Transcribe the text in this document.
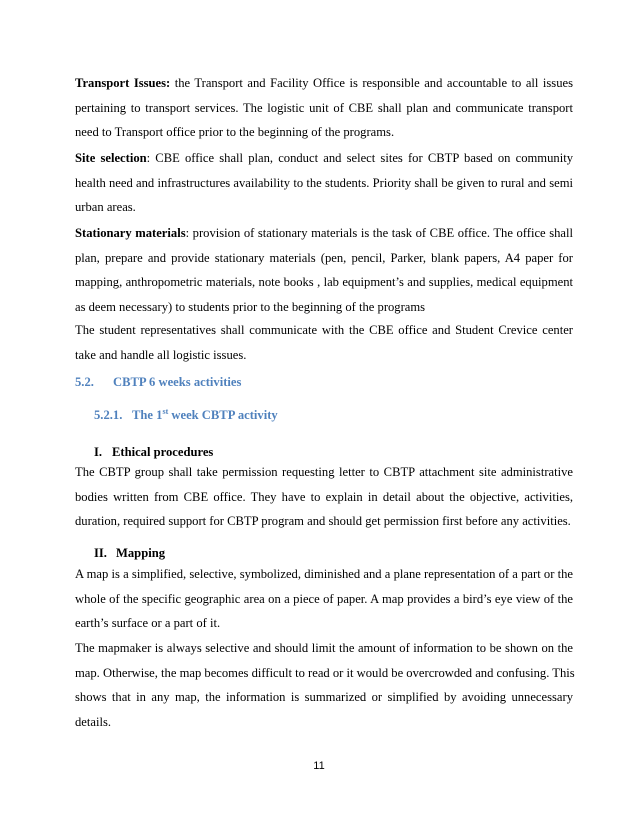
Transport Issues: the Transport and Facility Office is responsible and accountable to all issues
pertaining to transport services. The logistic unit of CBE shall plan and communicate transport
need to Transport office prior to the beginning of the programs.
Site selection: CBE office shall plan, conduct and select sites for CBTP based on community
health need and infrastructures availability to the students. Priority shall be given to rural and semi
urban areas.
Stationary materials: provision of stationary materials is the task of CBE office. The office shall
plan, prepare and provide stationary materials (pen, pencil, Parker, blank papers, A4 paper for
mapping, anthropometric materials, note books , lab equipment’s and supplies, medical equipment
as deem necessary) to students prior to the beginning of the programs
The student representatives shall communicate with the CBE office and Student Crevice center
take and handle all logistic issues.
5.2. CBTP 6 weeks activities
5.2.1. The 1st week CBTP activity
I. Ethical procedures
The CBTP group shall take permission requesting letter to CBTP attachment site administrative
bodies written from CBE office. They have to explain in detail about the objective, activities,
duration, required support for CBTP program and should get permission first before any activities.
II. Mapping
A map is a simplified, selective, symbolized, diminished and a plane representation of a part or the
whole of the specific geographic area on a piece of paper. A map provides a bird’s eye view of the
earth’s surface or a part of it.
The mapmaker is always selective and should limit the amount of information to be shown on the
map. Otherwise, the map becomes difficult to read or it would be overcrowded and confusing. This
shows that in any map, the information is summarized or simplified by avoiding unnecessary
details.
11
